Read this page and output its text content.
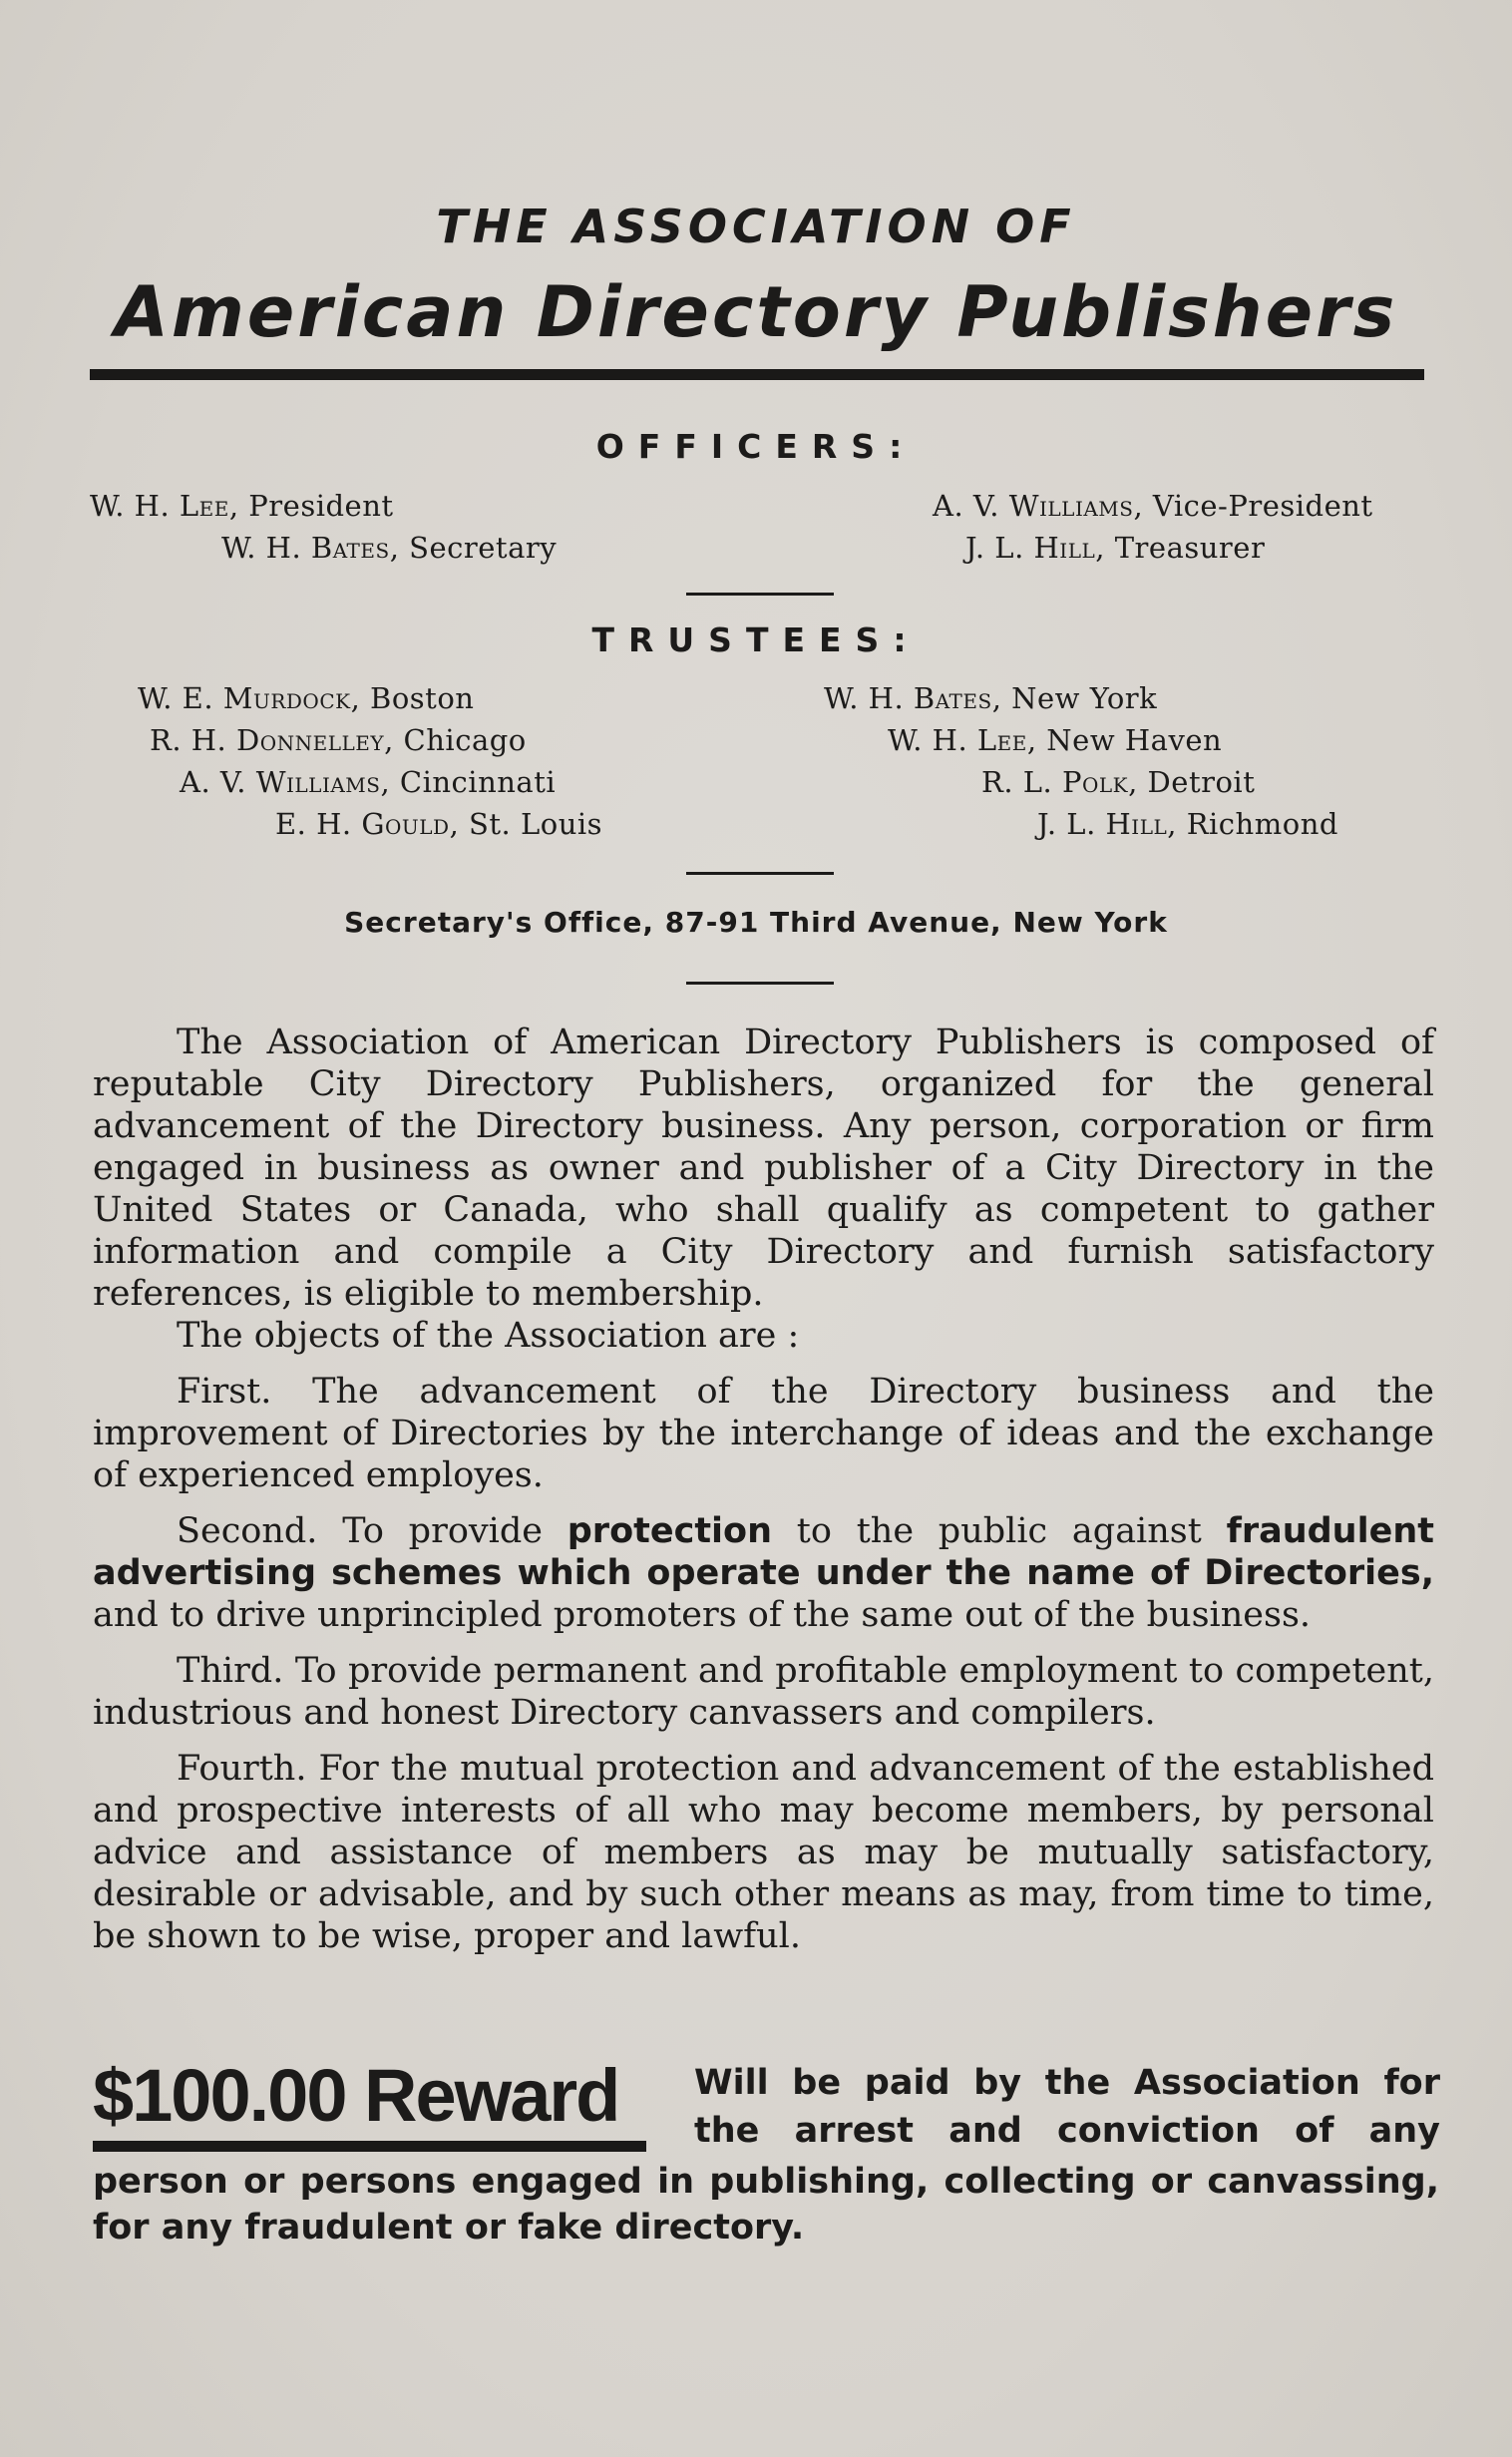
THE ASSOCIATION OF
American Directory Publishers
OFFICERS:
W. H. Lee, President	A. V. Williams, Vice-President
W. H. Bates, Secretary	J. L. Hill, Treasurer
TRUSTEES:
W. E. Murdock, Boston
R. H. Donnelley, Chicago
A. V. Williams, Cincinnati
E. H. Gould, St. Louis
W. H. Bates, New York
W. H. Lee, New Haven
R. L. Polk, Detroit
J. L. Hill, Richmond
Secretary's Office, 87-91 Third Avenue, New York

The Association of American Directory Publishers is composed of reputable City Directory Publishers, organized for the general advancement of the Directory business. Any person, corporation or firm engaged in business as owner and publisher of a City Directory in the United States or Canada, who shall qualify as competent to gather information and compile a City Directory and furnish satisfactory references, is eligible to membership.

The objects of the Association are :

First. The advancement of the Directory business and the improvement of Directories by the interchange of ideas and the exchange of experienced employes.

Second. To provide protection to the public against fraudulent advertising schemes which operate under the name of Directories, and to drive unprincipled promoters of the same out of the business.

Third. To provide permanent and profitable employment to competent, industrious and honest Directory canvassers and compilers.

Fourth. For the mutual protection and advancement of the established and prospective interests of all who may become members, by personal advice and assistance of members as may be mutually satisfactory, desirable or advisable, and by such other means as may, from time to time, be shown to be wise, proper and lawful.

$100.00 Reward Will be paid by the Association for the arrest and conviction of any
person or persons engaged in publishing, collecting or canvassing, for any fraudulent or fake directory.
